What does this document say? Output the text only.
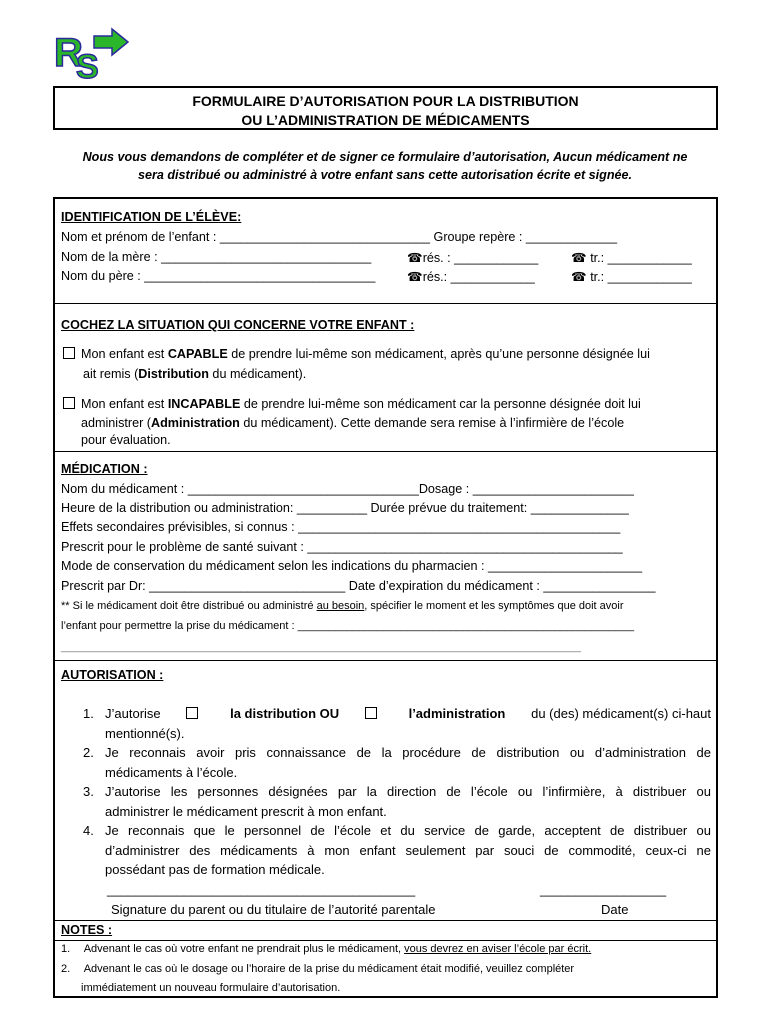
R
S
FORMULAIRE D’AUTORISATION POUR LA DISTRIBUTION
OU L’ADMINISTRATION DE MÉDICAMENTS
Nous vous demandons de compléter et de signer ce formulaire d’autorisation, Aucun médicament ne
sera distribué ou administré à votre enfant sans cette autorisation écrite et signée.
IDENTIFICATION DE L’ÉLÈVE:
Nom et prénom de l’enfant : ______________________________ Groupe repère : _____________
Nom de la mère : ______________________________	☎rés. : ____________	☎ tr.: ____________
Nom du père : _________________________________	☎rés.: ____________	☎ tr.: ____________
COCHEZ LA SITUATION QUI CONCERNE VOTRE ENFANT :
Mon enfant est CAPABLE de prendre lui-même son médicament, après qu’une personne désignée lui
ait remis (Distribution du médicament).
Mon enfant est INCAPABLE de prendre lui-même son médicament car la personne désignée doit lui
administrer (Administration du médicament). Cette demande sera remise à l’infirmière de l’école
pour évaluation.
MÉDICATION :
Nom du médicament : _________________________________Dosage : _______________________
Heure de la distribution ou administration: __________ Durée prévue du traitement: ______________
Effets secondaires prévisibles, si connus : ______________________________________________
Prescrit pour le problème de santé suivant : _____________________________________________
Mode de conservation du médicament selon les indications du pharmacien : ______________________
Prescrit par Dr: ____________________________ Date d’expiration du médicament : ________________
** Si le médicament doit être distribué ou administré au besoin, spécifier le moment et les symptômes que doit avoir
l’enfant pour permettre la prise du médicament : _______________________________________________________
_____________________________________________________________________________________
AUTORISATION :
1. J’autorise	la distribution OU	l’administration du (des) médicament(s) ci-haut
mentionné(s).
2. Je reconnais avoir pris connaissance de la procédure de distribution ou d’administration de
médicaments à l’école.
3. J’autorise les personnes désignées par la direction de l’école ou l’infirmière, à distribuer ou
administrer le médicament prescrit à mon enfant.
4. Je reconnais que le personnel de l’école et du service de garde, acceptent de distribuer ou
d’administrer des médicaments à mon enfant seulement par souci de commodité, ceux-ci ne
possédant pas de formation médicale.
____________________________________________	__________________
Signature du parent ou du titulaire de l’autorité parentale	Date
NOTES :
1. Advenant le cas où votre enfant ne prendrait plus le médicament, vous devrez en aviser l’école par écrit.
2. Advenant le cas où le dosage ou l’horaire de la prise du médicament était modifié, veuillez compléter
immédiatement un nouveau formulaire d’autorisation.
